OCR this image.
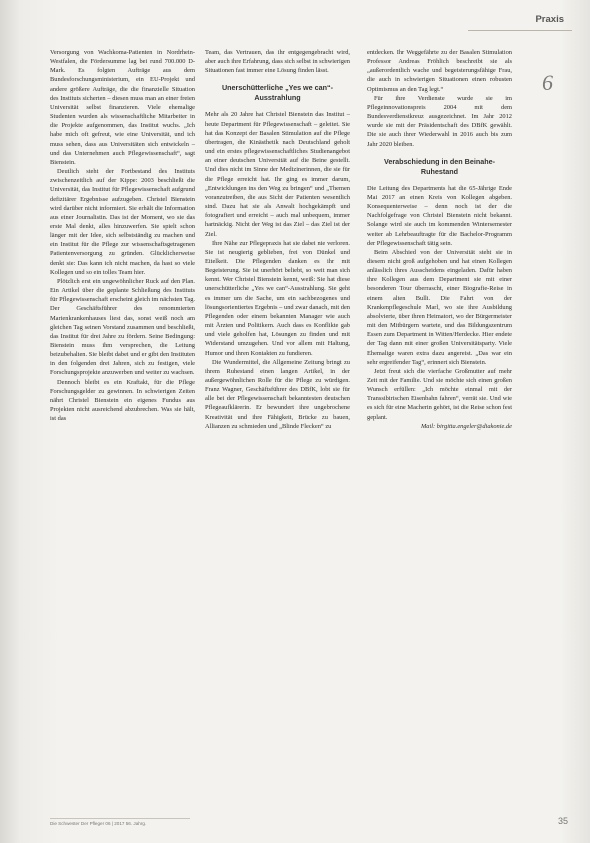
Praxis
6

Versorgung von Wachkoma-Patienten in Nordrhein-Westfalen, die Fördersumme lag bei rund 700.000 D-Mark. Es folgten Aufträge aus dem Bundesforschungsministerium, ein EU-Projekt und andere größere Aufträge, die die finanzielle Situation des Instituts sicherten – diesen muss man an einer freien Universität selbst finanzieren. Viele ehemalige Studenten wurden als wissenschaftliche Mitarbeiter in die Projekte aufgenommen, das Institut wuchs. „Ich habe mich oft gefreut, wie eine Universität, und ich muss sehen, dass aus Universitäten sich entwickeln – und das Unternehmen auch Pflegewissenschaft“, sagt Bienstein.

Deutlich steht der Fortbestand des Instituts zwischenzeitlich auf der Kippe: 2003 beschließt die Universität, das Institut für Pflegewissenschaft aufgrund defizitärer Ergebnisse aufzugeben. Christel Bienstein wird darüber nicht informiert. Sie erhält die Information aus einer Journalistin. Das ist der Moment, wo sie das erste Mal denkt, alles hinzuwerfen. Sie spielt schon länger mit der Idee, sich selbstständig zu machen und ein Institut für die Pflege zur wissenschaftsgetragenen Patientenversorgung zu gründen. Glücklicherweise denkt sie: Das kann ich nicht machen, da hast so viele Kollegen und so ein tolles Team hier.

Plötzlich erst ein ungewöhnlicher Ruck auf den Plan. Ein Artikel über die geplante Schließung des Instituts für Pflegewissenschaft erscheint gleich im nächsten Tag. Der Geschäftsführer des renommierten Marienkrankenhauses liest das, sonst weiß noch am gleichen Tag seinen Vorstand zusammen und beschließt, das Institut für drei Jahre zu fördern. Seine Bedingung: Bienstein muss ihm versprechen, die Leitung beizubehalten. Sie bleibt dabei und er gibt den Instituten in den folgenden drei Jahren, sich zu festigen, viele Forschungsprojekte anzuwerben und weiter zu wachsen.

Dennoch bleibt es ein Kraftakt, für die Pflege Forschungsgelder zu gewinnen. In schwierigen Zeiten nährt Christel Bienstein ein eigenes Fundus aus Projekten nicht ausreichend abzubrechen. Was sie hält, ist das

Team, das Vertrauen, das ihr entgegengebracht wird, aber auch ihre Erfahrung, dass sich selbst in schwierigen Situationen fast immer eine Lösung finden lässt.

Unerschütterliche „Yes we can“-Ausstrahlung

Mehr als 20 Jahre hat Christel Bienstein das Institut – heute Department für Pflegewissenschaft – geleitet. Sie hat das Konzept der Basalen Stimulation auf die Pflege übertragen, die Kinästhetik nach Deutschland geholt und ein erstes pflegewissenschaftliches Studienangebot an einer deutschen Universität auf die Beine gestellt. Und dies nicht im Sinne der Medizinerinnen, die sie für die Pflege erreicht hat. Ihr ging es immer darum, „Entwicklungen ins den Weg zu bringen“ und „Themen voranzutreiben, die aus Sicht der Patienten wesentlich sind. Dazu hat sie als Anwalt hochgekämpft und fotografiert und erreicht – auch mal unbequem, immer hartnäckig. Nicht der Weg ist das Ziel – das Ziel ist der Ziel.

Ihre Nähe zur Pflegepraxis hat sie dabei nie verloren. Sie ist neugierig geblieben, frei von Dünkel und Eitelkeit. Die Pflegenden danken es ihr mit Begeisterung. Sie ist unerhört beliebt, so weit man sich kennt. Wer Christel Bienstein kennt, weiß: Sie hat diese unerschütterliche „Yes we can“-Ausstrahlung. Sie geht es immer um die Sache, um ein sachbezogenes und lösungsorientiertes Ergebnis – und zwar danach, mit den Pflegenden oder einem bekannten Manager wie auch mit Ärzten und Politikern. Auch dass es Konflikte gab und viele geholfen hat, Lösungen zu finden und mit Widerstand umzugehen. Und vor allem mit Haltung, Humor und ihren Kontakten zu fundieren.

Die Wundermittel, die Allgemeine Zeitung bringt zu ihrem Ruhestand einen langen Artikel, in der außergewöhnlichen Rolle für die Pflege zu würdigen. Franz Wagner, Geschäftsführer des DBfK, lobt sie für alle bei der Pflegewissenschaft bekanntesten deutschen Pflegeaufklärerin. Er bewundert ihre ungebrochene Kreativität und ihre Fähigkeit, Brücke zu bauen, Allianzen zu schmieden und „Blinde Flecken“ zu

entdecken. Ihr Weggefährte zu der Basalen Stimulation Professor Andreas Fröhlich beschreibt sie als „außerordentlich wache und begeisterungsfähige Frau, die auch in schwierigen Situationen einen robusten Optimismus an den Tag legt.“

Für ihre Verdienste wurde sie im Pflegeinnovationspreis 2004 mit dem Bundesverdienstkreuz ausgezeichnet. Im Jahr 2012 wurde sie mit der Präsidentschaft des DBfK gewählt. Die sie auch ihrer Wiederwahl in 2016 auch bis zum Jahr 2020 bleiben.

Verabschiedung in den Beinahe-Ruhestand

Die Leitung des Departments hat die 65-Jährige Ende Mai 2017 an einen Kreis von Kollegen abgeben. Konsequenterweise – denn noch ist der die Nachfolgefrage von Christel Bienstein nicht bekannt. Solange wird sie auch im kommenden Wintersemester weiter ab Lehrbeauftragte für die Bachelor-Programm der Pflegewissenschaft tätig sein.

Beim Abschied von der Universität steht sie in diesem nicht groß aufgehoben und hat einen Kollegen anlässlich ihres Ausscheidens eingeladen. Dafür haben ihre Kollegen aus dem Department sie mit einer besonderen Tour überrascht, einer Biografie-Reise in einem alten Bulli. Die Fahrt von der Krankenpflegeschule Marl, wo sie ihre Ausbildung absolvierte, über ihren Heimatort, wo der Bürgermeister mit den Mitbürgern wartete, und das Bildungszentrum Essen zum Department in Witten/Herdecke. Hier endete der Tag dann mit einer großen Universitätsparty. Viele Ehemalige waren extra dazu angereist. „Das war ein sehr ergreifender Tag“, erinnert sich Bienstein.

Jetzt freut sich die vierfache Großmutter auf mehr Zeit mit der Familie. Und sie möchte sich einen großen Wunsch erfüllen: „Ich möchte einmal mit der Transsibirischen Eisenbahn fahren“, verrät sie. Und wie es sich für eine Macherin gehört, ist die Reise schon fest geplant.

Mail: birgitta.engeler@diakonie.de

Die Schwester Der Pfleger 06 | 2017 56. Jahrg.	35
